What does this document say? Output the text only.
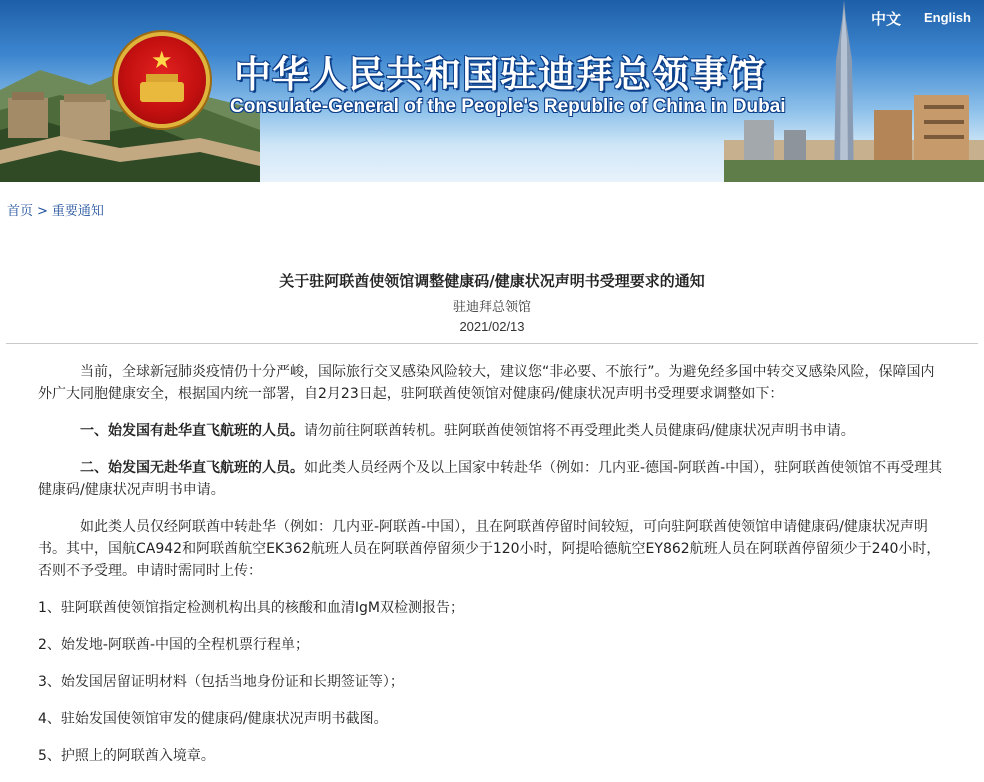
★ 中华人民共和国驻迪拜总领事馆
Consulate-General of the People's Republic of China in Dubai
中文 English
首页 > 重要通知
关于驻阿联酋使领馆调整健康码/健康状况声明书受理要求的通知
驻迪拜总领馆
2021/02/13

当前，全球新冠肺炎疫情仍十分严峻，国际旅行交叉感染风险较大，建议您“非必要、不旅行”。为避免经多国中转交叉感染风险，保障国内外广大同胞健康安全，根据国内统一部署，自2月23日起，驻阿联酋使领馆对健康码/健康状况声明书受理要求调整如下：

一、始发国有赴华直飞航班的人员。请勿前往阿联酋转机。驻阿联酋使领馆将不再受理此类人员健康码/健康状况声明书申请。

二、始发国无赴华直飞航班的人员。如此类人员经两个及以上国家中转赴华（例如：几内亚-德国-阿联酋-中国），驻阿联酋使领馆不再受理其健康码/健康状况声明书申请。

如此类人员仅经阿联酋中转赴华（例如：几内亚-阿联酋-中国），且在阿联酋停留时间较短，可向驻阿联酋使领馆申请健康码/健康状况声明书。其中，国航CA942和阿联酋航空EK362航班人员在阿联酋停留须少于120小时，阿提哈德航空EY862航班人员在阿联酋停留须少于240小时，否则不予受理。申请时需同时上传：

1、驻阿联酋使领馆指定检测机构出具的核酸和血清IgM双检测报告；

2、始发地-阿联酋-中国的全程机票行程单；

3、始发国居留证明材料（包括当地身份证和长期签证等）；

4、驻始发国使领馆审发的健康码/健康状况声明书截图。

5、护照上的阿联酋入境章。
